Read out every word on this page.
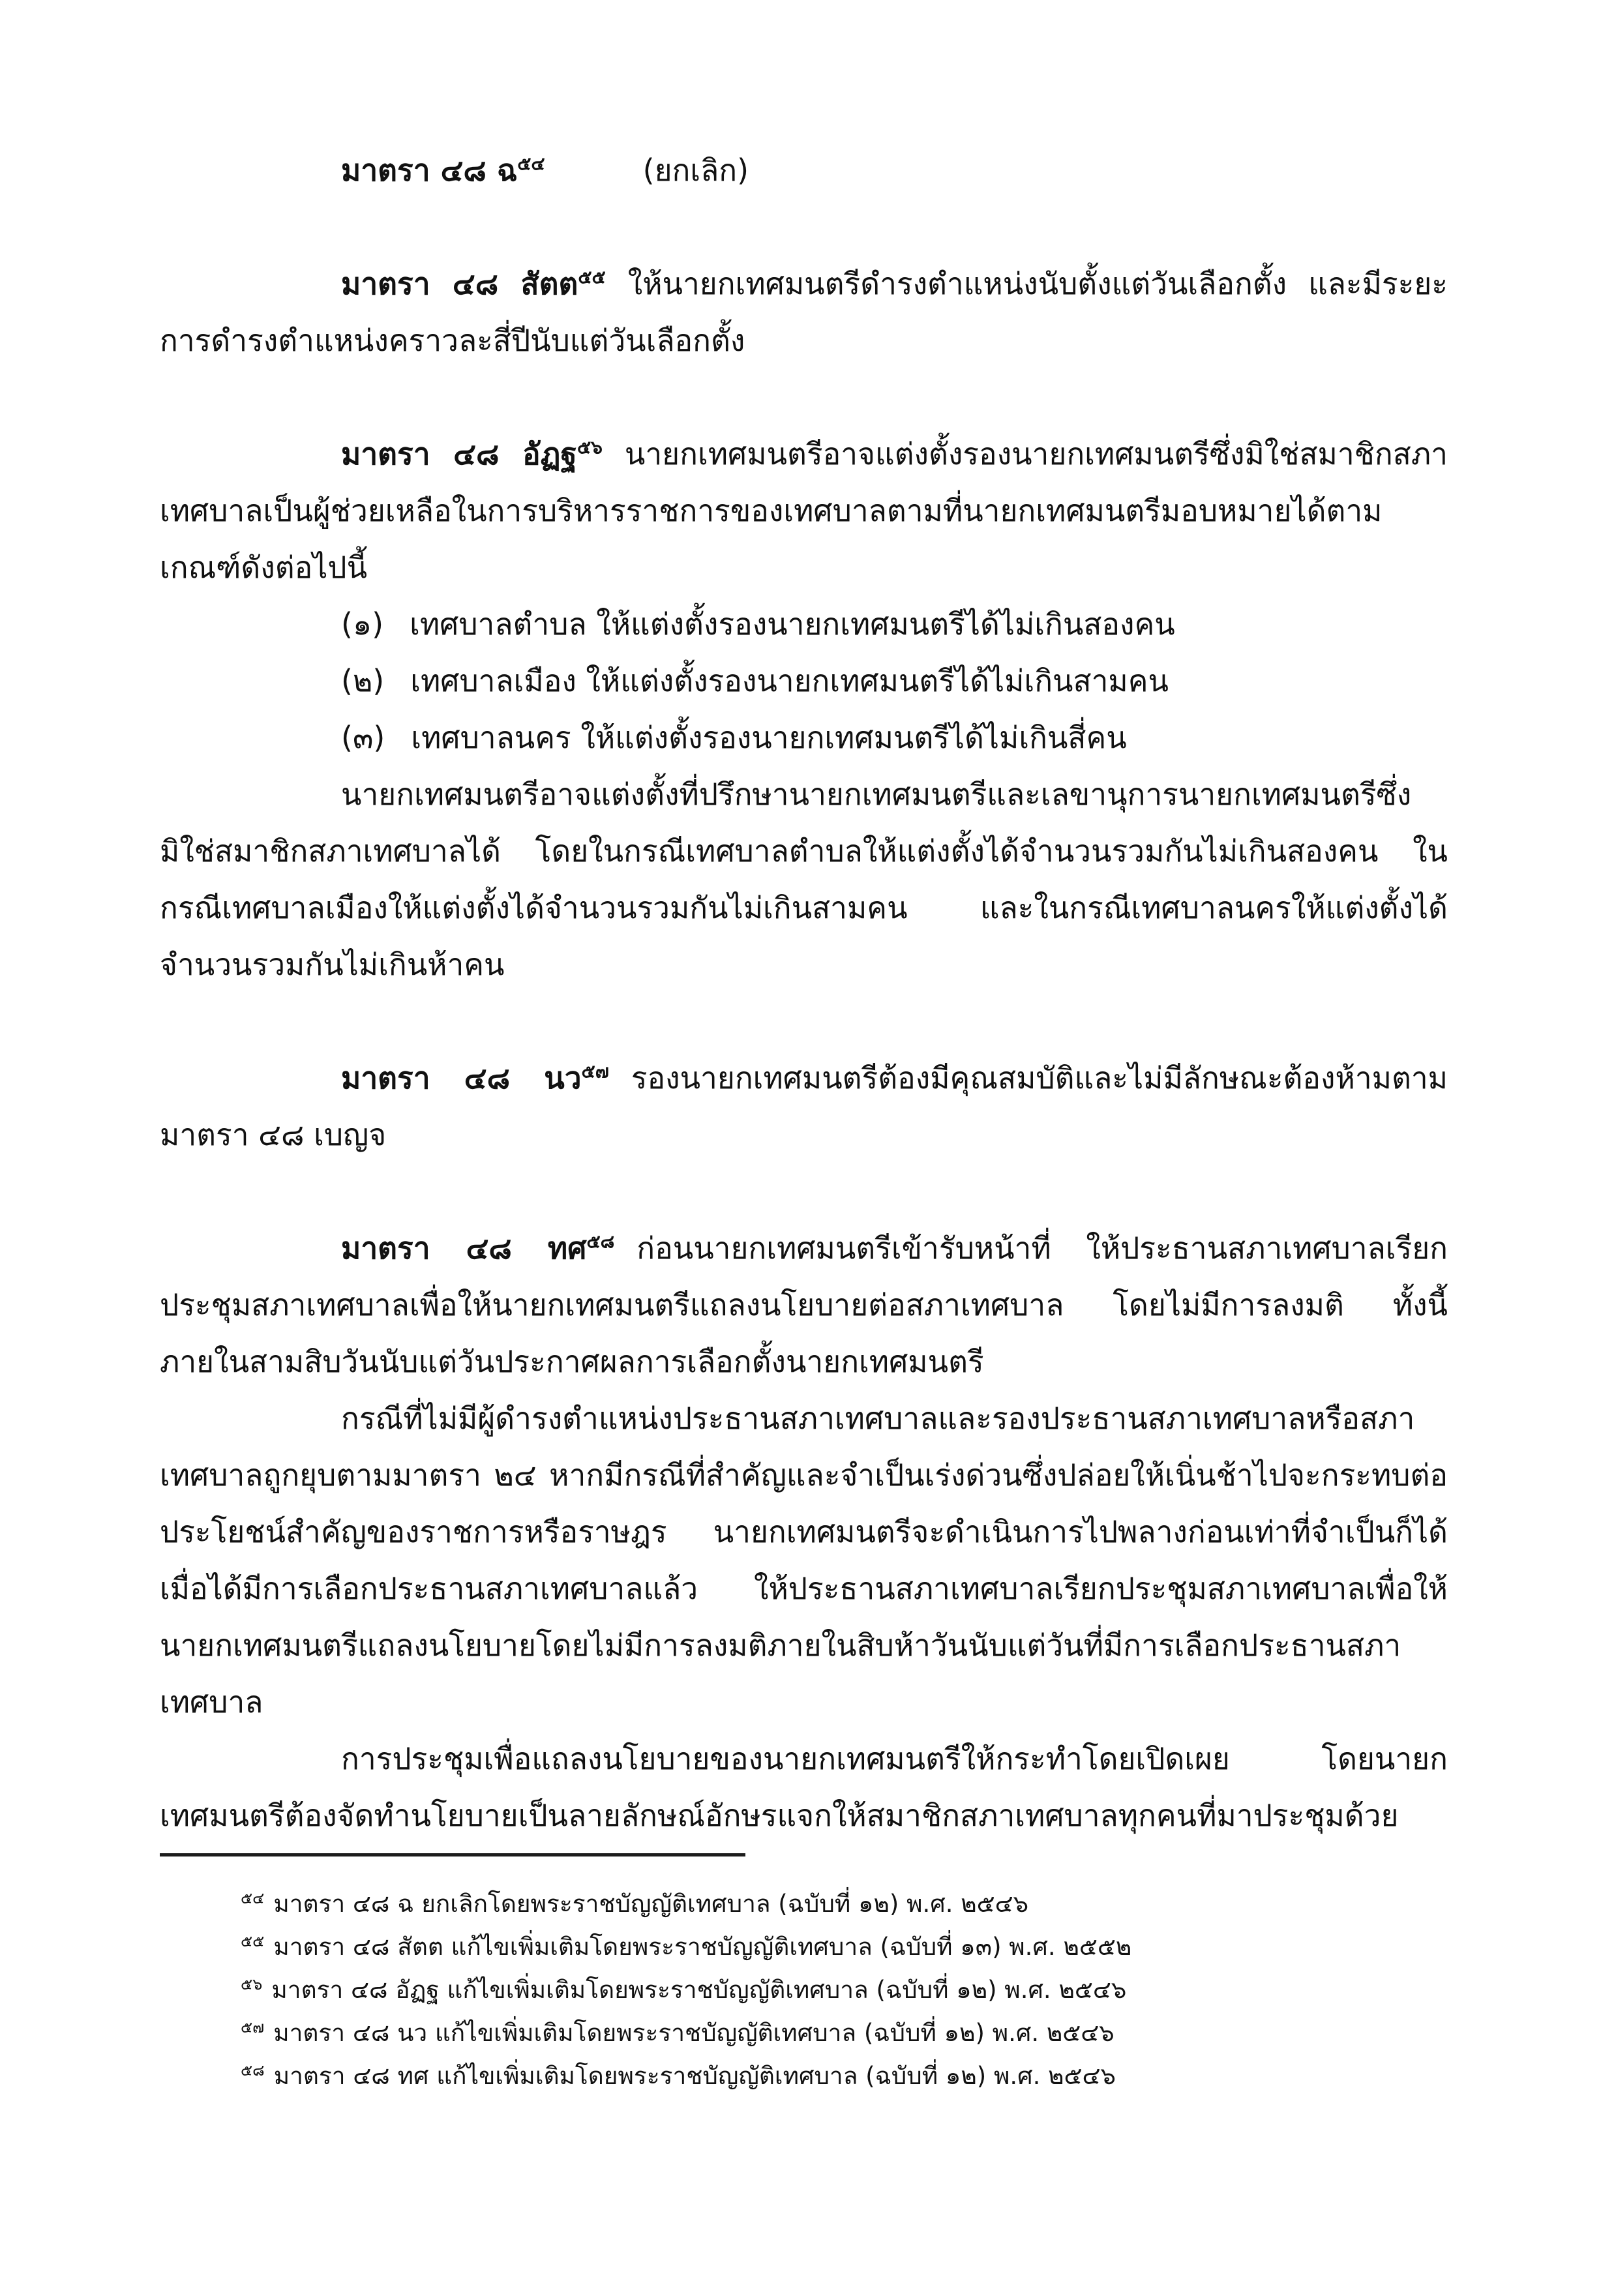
มาตรา ๔๘ ฉ$^{๕๔}$	(ยกเลิก)
มาตรา ๔๘ สัตต$^{๕๕}$ ให้นายกเทศมนตรีดำรงตำแหน่งนับตั้งแต่วันเลือกตั้ง และมีระยะการดำรงตำแหน่งคราวละสี่ปีนับแต่วันเลือกตั้ง
มาตรา ๔๘ อัฏฐ$^{๕๖}$ นายกเทศมนตรีอาจแต่งตั้งรองนายกเทศมนตรีซึ่งมิใช่สมาชิกสภาเทศบาลเป็นผู้ช่วยเหลือในการบริหารราชการของเทศบาลตามที่นายกเทศมนตรีมอบหมายได้ตามเกณฑ์ดังต่อไปนี้
(๑) เทศบาลตำบล ให้แต่งตั้งรองนายกเทศมนตรีได้ไม่เกินสองคน
(๒) เทศบาลเมือง ให้แต่งตั้งรองนายกเทศมนตรีได้ไม่เกินสามคน
(๓) เทศบาลนคร ให้แต่งตั้งรองนายกเทศมนตรีได้ไม่เกินสี่คน
นายกเทศมนตรีอาจแต่งตั้งที่ปรึกษานายกเทศมนตรีและเลขานุการนายกเทศมนตรีซึ่งมิใช่สมาชิกสภาเทศบาลได้ โดยในกรณีเทศบาลตำบลให้แต่งตั้งได้จำนวนรวมกันไม่เกินสองคน ในกรณีเทศบาลเมืองให้แต่งตั้งได้จำนวนรวมกันไม่เกินสามคน และในกรณีเทศบาลนครให้แต่งตั้งได้จำนวนรวมกันไม่เกินห้าคน
มาตรา ๔๘ นว$^{๕๗}$ รองนายกเทศมนตรีต้องมีคุณสมบัติและไม่มีลักษณะต้องห้ามตามมาตรา ๔๘ เบญจ
มาตรา ๔๘ ทศ$^{๕๘}$ ก่อนนายกเทศมนตรีเข้ารับหน้าที่ ให้ประธานสภาเทศบาลเรียกประชุมสภาเทศบาลเพื่อให้นายกเทศมนตรีแถลงนโยบายต่อสภาเทศบาล โดยไม่มีการลงมติ ทั้งนี้ ภายในสามสิบวันนับแต่วันประกาศผลการเลือกตั้งนายกเทศมนตรี
กรณีที่ไม่มีผู้ดำรงตำแหน่งประธานสภาเทศบาลและรองประธานสภาเทศบาลหรือสภาเทศบาลถูกยุบตามมาตรา ๒๔ หากมีกรณีที่สำคัญและจำเป็นเร่งด่วนซึ่งปล่อยให้เนิ่นช้าไปจะกระทบต่อประโยชน์สำคัญของราชการหรือราษฎร นายกเทศมนตรีจะดำเนินการไปพลางก่อนเท่าที่จำเป็นก็ได้ เมื่อได้มีการเลือกประธานสภาเทศบาลแล้ว ให้ประธานสภาเทศบาลเรียกประชุมสภาเทศบาลเพื่อให้นายกเทศมนตรีแถลงนโยบายโดยไม่มีการลงมติภายในสิบห้าวันนับแต่วันที่มีการเลือกประธานสภาเทศบาล
การประชุมเพื่อแถลงนโยบายของนายกเทศมนตรีให้กระทำโดยเปิดเผย โดยนายกเทศมนตรีต้องจัดทำนโยบายเป็นลายลักษณ์อักษรแจกให้สมาชิกสภาเทศบาลทุกคนที่มาประชุมด้วย
$^{๕๔}$ มาตรา ๔๘ ฉ ยกเลิกโดยพระราชบัญญัติเทศบาล (ฉบับที่ ๑๒) พ.ศ. ๒๕๔๖
$^{๕๕}$ มาตรา ๔๘ สัตต แก้ไขเพิ่มเติมโดยพระราชบัญญัติเทศบาล (ฉบับที่ ๑๓) พ.ศ. ๒๕๕๒
$^{๕๖}$ มาตรา ๔๘ อัฏฐ แก้ไขเพิ่มเติมโดยพระราชบัญญัติเทศบาล (ฉบับที่ ๑๒) พ.ศ. ๒๕๔๖
$^{๕๗}$ มาตรา ๔๘ นว แก้ไขเพิ่มเติมโดยพระราชบัญญัติเทศบาล (ฉบับที่ ๑๒) พ.ศ. ๒๕๔๖
$^{๕๘}$ มาตรา ๔๘ ทศ แก้ไขเพิ่มเติมโดยพระราชบัญญัติเทศบาล (ฉบับที่ ๑๒) พ.ศ. ๒๕๔๖
